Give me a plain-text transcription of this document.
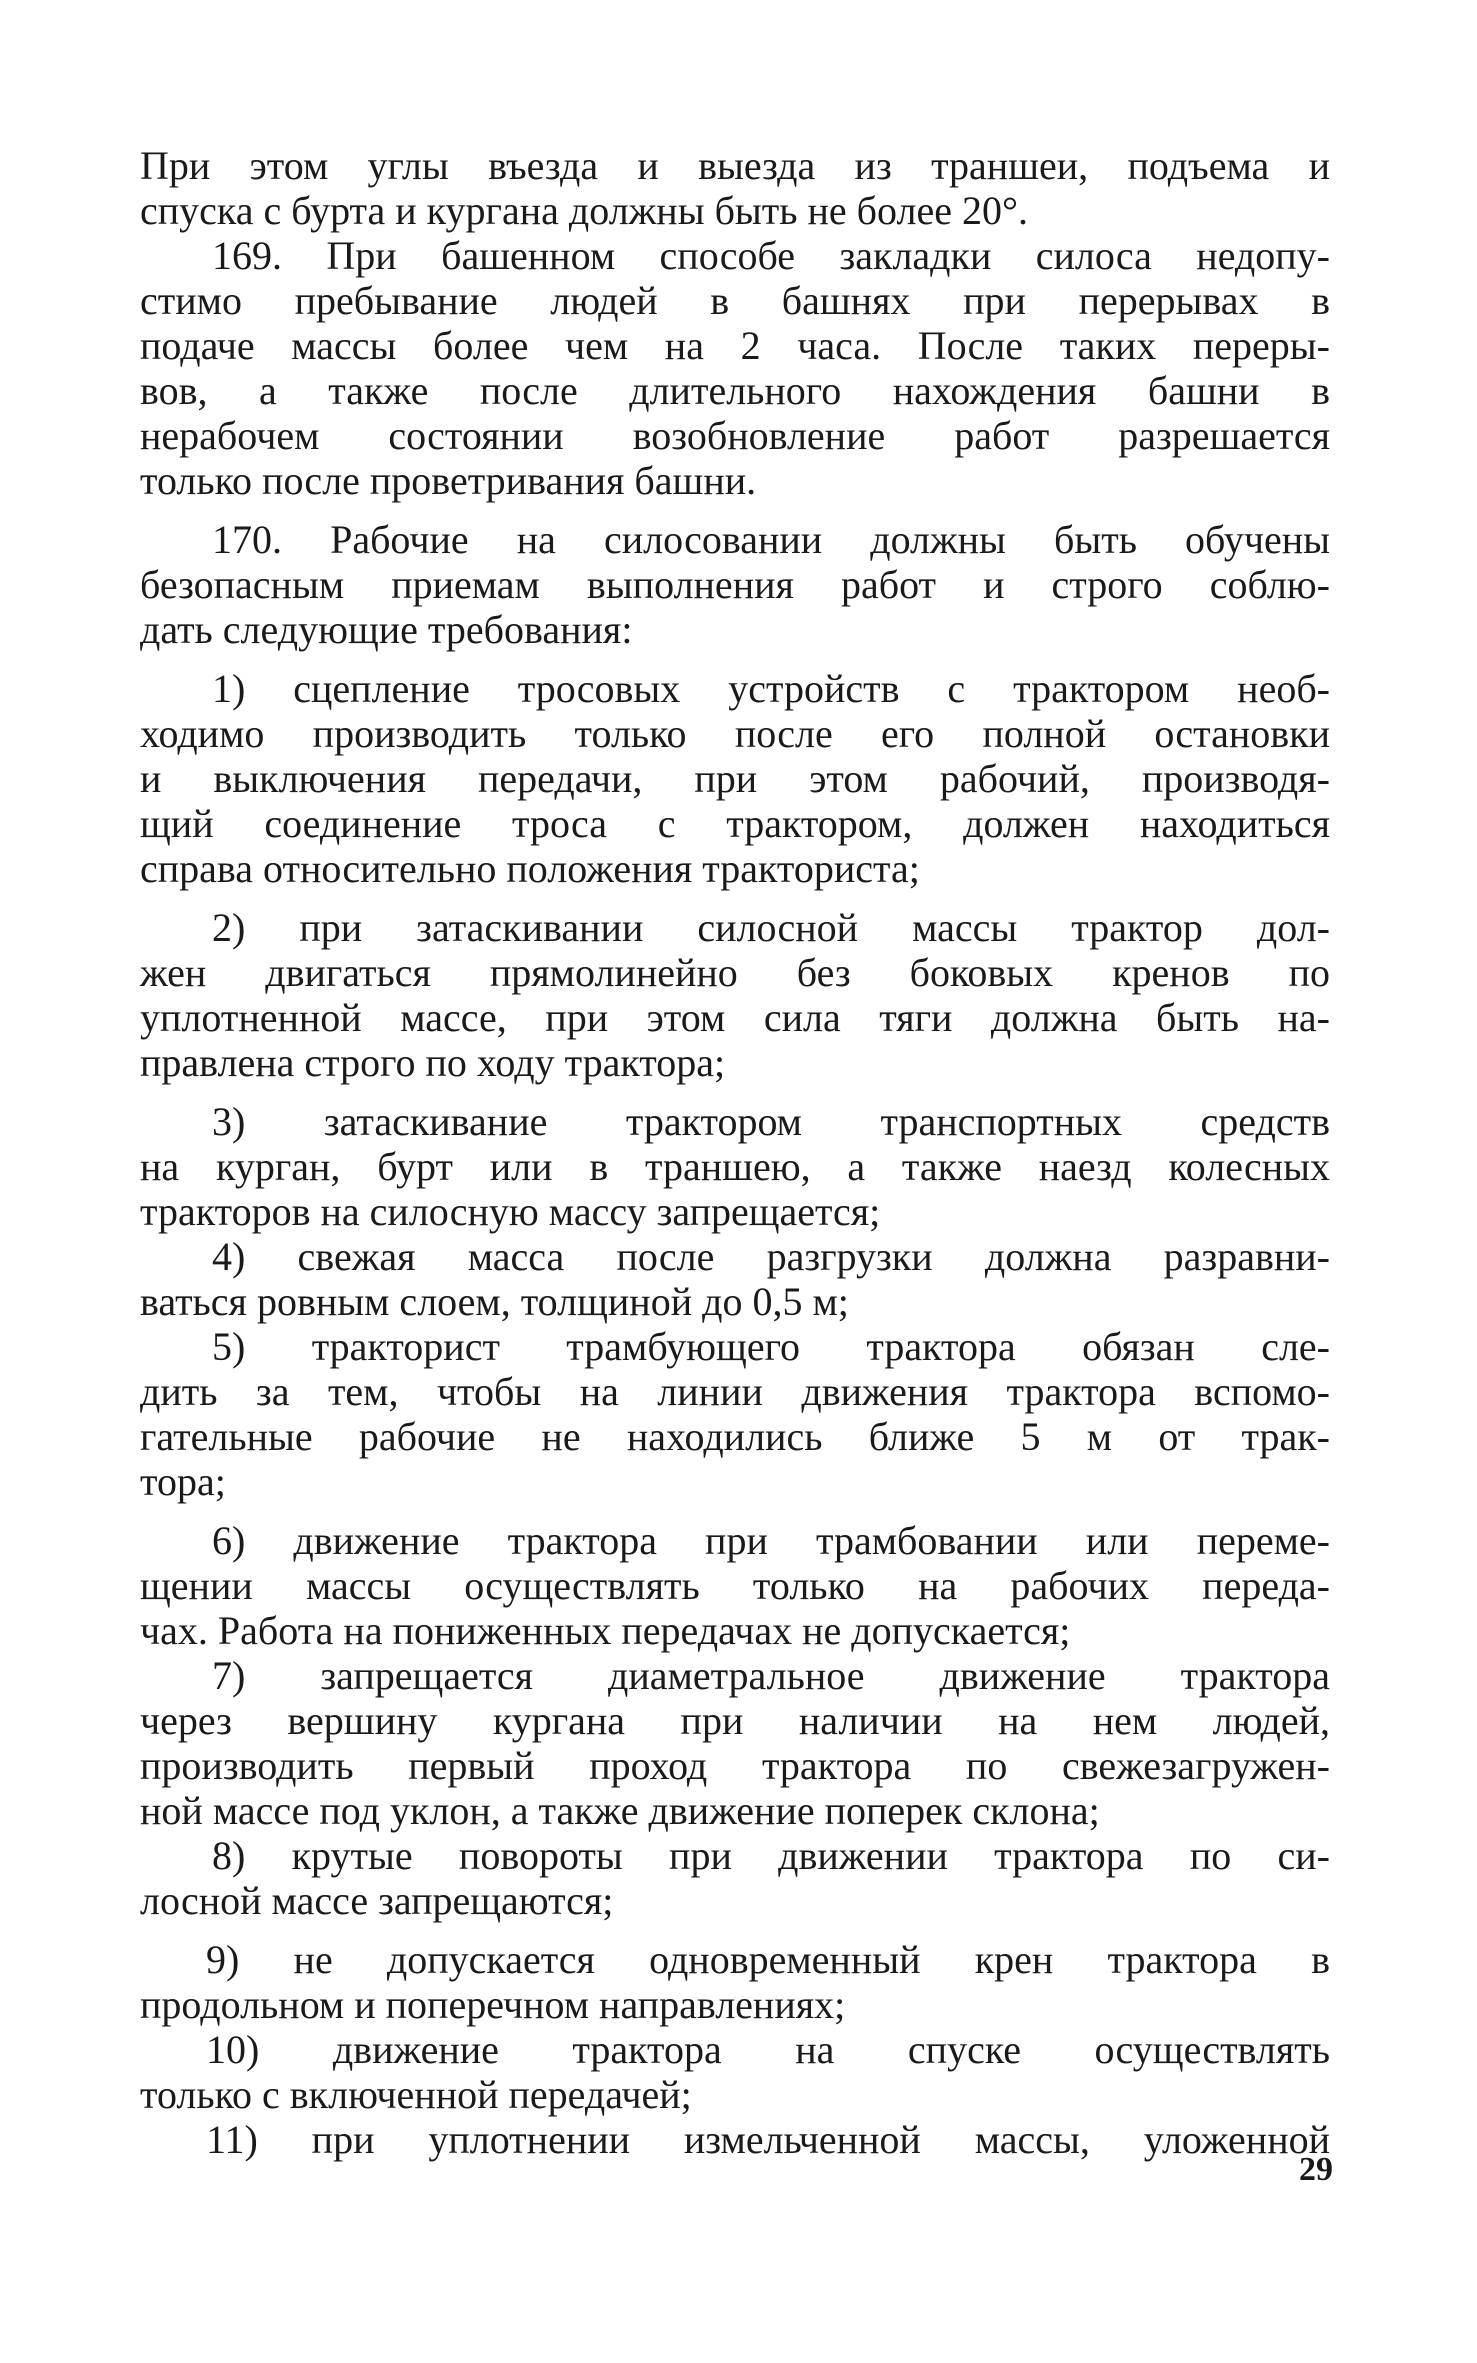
При этом углы въезда и выезда из траншеи, подъема и
спуска с бурта и кургана должны быть не более 20°.
169. При башенном способе закладки силоса недопу-
стимо пребывание людей в башнях при перерывах в
подаче массы более чем на 2 часа. После таких переры-
вов, а также после длительного нахождения башни в
нерабочем состоянии возобновление работ разрешается
только после проветривания башни.
170. Рабочие на силосовании должны быть обучены
безопасным приемам выполнения работ и строго соблю-
дать следующие требования:
1) сцепление тросовых устройств с трактором необ-
ходимо производить только после его полной остановки
и выключения передачи, при этом рабочий, производя-
щий соединение троса с трактором, должен находиться
справа относительно положения тракториста;
2) при затаскивании силосной массы трактор дол-
жен двигаться прямолинейно без боковых кренов по
уплотненной массе, при этом сила тяги должна быть на-
правлена строго по ходу трактора;
3) затаскивание трактором транспортных средств
на курган, бурт или в траншею, а также наезд колесных
тракторов на силосную массу запрещается;
4) свежая масса после разгрузки должна разравни-
ваться ровным слоем, толщиной до 0,5 м;
5) тракторист трамбующего трактора обязан сле-
дить за тем, чтобы на линии движения трактора вспомо-
гательные рабочие не находились ближе 5 м от трак-
тора;
6) движение трактора при трамбовании или переме-
щении массы осуществлять только на рабочих переда-
чах. Работа на пониженных передачах не допускается;
7) запрещается диаметральное движение трактора
через вершину кургана при наличии на нем людей,
производить первый проход трактора по свежезагружен-
ной массе под уклон, а также движение поперек склона;
8) крутые повороты при движении трактора по си-
лосной массе запрещаются;
9) не допускается одновременный крен трактора в
продольном и поперечном направлениях;
10) движение трактора на спуске осуществлять
только с включенной передачей;
11) при уплотнении измельченной массы, уложенной
29
